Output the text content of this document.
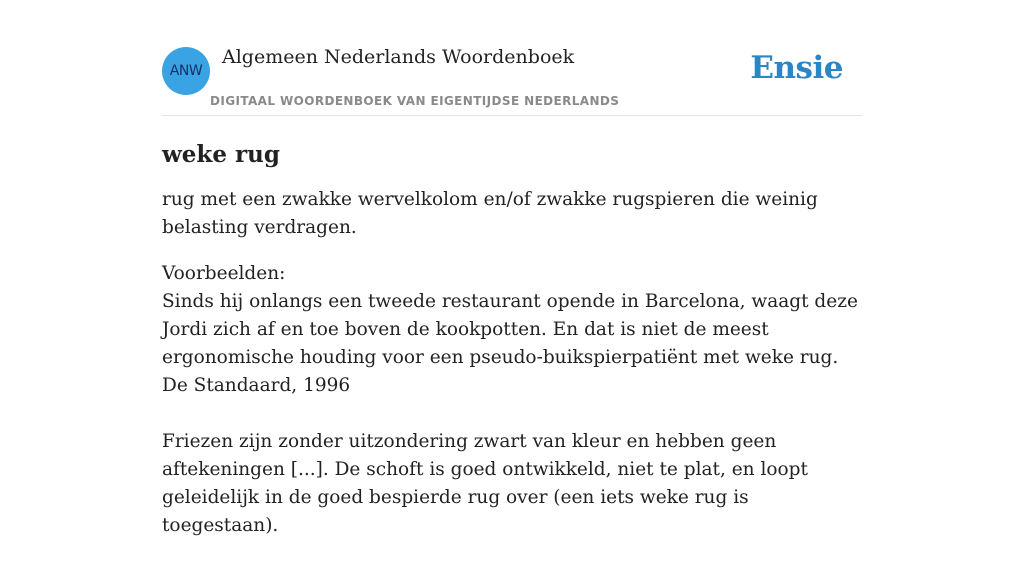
ANW
Algemeen Nederlands Woordenboek
DIGITAAL WOORDENBOEK VAN EIGENTIJDSE NEDERLANDS
Ensie
weke rug

rug met een zwakke wervelkolom en/of zwakke rugspieren die weinig belasting verdragen.

Voorbeelden:
Sinds hij onlangs een tweede restaurant opende in Barcelona, waagt deze Jordi zich af en toe boven de kookpotten. En dat is niet de meest ergonomische houding voor een pseudo-buikspierpatiënt met weke rug.
De Standaard, 1996
Friezen zijn zonder uitzondering zwart van kleur en hebben geen aftekeningen [...]. De schoft is goed ontwikkeld, niet te plat, en loopt geleidelijk in de goed bespierde rug over (een iets weke rug is toegestaan).
